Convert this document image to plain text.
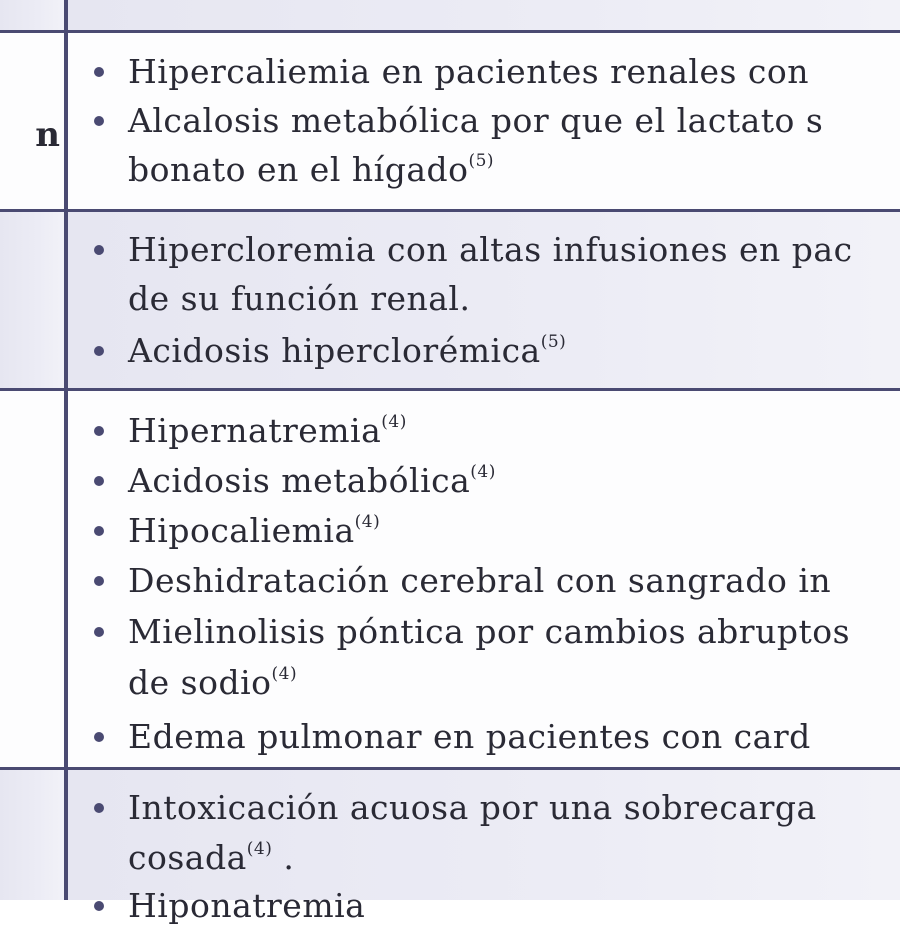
n
Hipercaliemia en pacientes renales con
Alcalosis metabólica por que el lactato s
bonato en el hígado$^{(5)}$
Hipercloremia con altas infusiones en pac
de su función renal.
Acidosis hiperclorémica$^{(5)}$
Hipernatremia$^{(4)}$
Acidosis metabólica$^{(4)}$
Hipocaliemia$^{(4)}$
Deshidratación cerebral con sangrado in
Mielinolisis póntica por cambios abruptos
de sodio$^{(4)}$
Edema pulmonar en pacientes con card
Intoxicación acuosa por una sobrecarga
cosada$^{(4)}$ .
Hiponatremia
